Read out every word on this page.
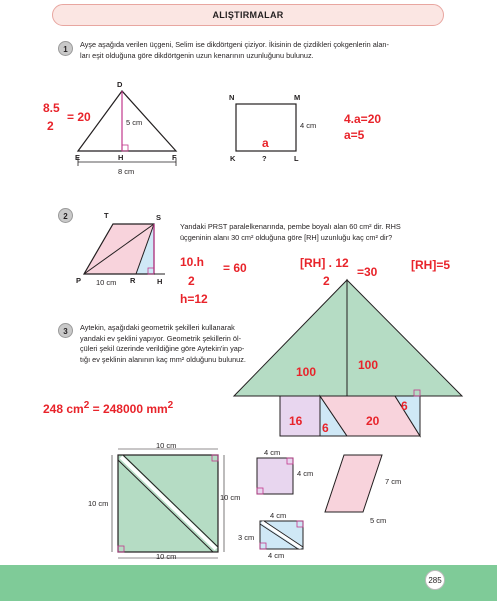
ALIŞTIRMALAR
1
Ayşe aşağıda verilen üçgeni, Selim ise dikdörtgeni çiziyor. İkisinin de çizdikleri çokgenlerin alan-
ları eşit olduğuna göre dikdörtgenin uzun kenarının uzunluğunu bulunuz.
D
5 cm
E	H	F
8 cm
N	M
4 cm
K	?	L
8.5
= 20
2
a
4.a=20
a=5
2
Yandaki PRST paralelkenarında, pembe boyalı alan 60 cm² dir. RHS
üçgeninin alanı 30 cm² olduğuna göre [RH] uzunluğu kaç cm² dir?
T	S
P 10 cm R	H
10.h = 60
2
h=12
[RH] . 12
=30
2
[RH]=5
3	Aytekin, aşağıdaki geometrik şekilleri kullanarak
yandaki ev şeklini yapıyor. Geometrik şekillerin öl-
çüleri şekil üzerinde verildiğine göre Aytekin'in yap-
tığı ev şeklinin alanının kaç mm² olduğunu bulunuz.
248 $cm^2 = 248000$ $mm^2$
100	100
16 6	20
6
10 cm
10 cm
10 cm
10 cm
4 cm
4 cm
7 cm
5 cm
4 cm
3 cm
4 cm
285
